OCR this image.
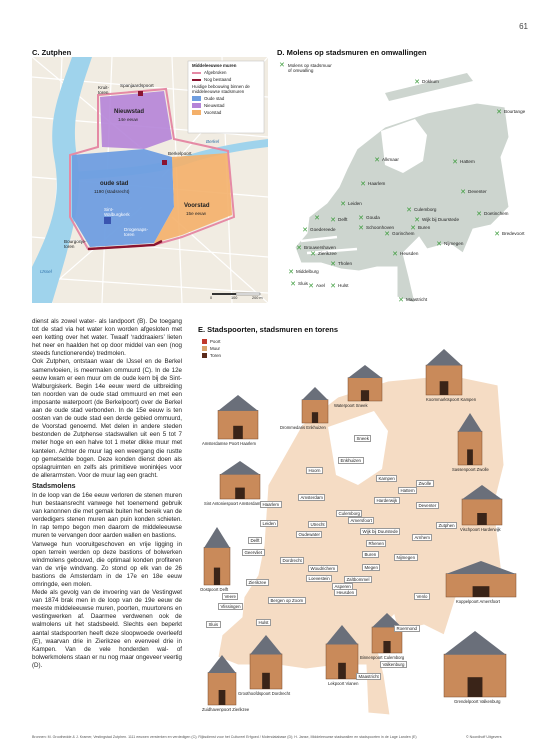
61
C. Zutphen
Nieuwstad
14e eeuw
oude stad
1190 (stadsrecht)
Voorstad
15e eeuw
Spanjaardspoort
Kruit-toren
Berkelpoort
Berkel
IJssel
Sint-Walburgkerk
Drogenaps-toren
Bourgonje-toren
Middeleeuwse muren
Afgebroken
Nog bestaand
Huidige bebouwing binnen de middeleeuwse stadsmuren
Oude stad
Nieuwstad
Voorstad
0	100	200 m
D. Molens op stadsmuren en omwallingen
✕
✕
✕	✕
✕
✕
✕
✕	✕
✕	✕
✕
✕
✕
✕
✕
✕
✕
✕
✕	✕
✕
✕
✕ ✕ ✕
✕
✕
✕ Molens op stadsmuur of omwalling
Dokkum
Bourtange
Alkmaar	Hattem
Haarlem
Deventer
Leiden
Culemborg
Doetinchem
Delft	Wijk bij Duurstede
Gouda
Schoonhoven
Gorinchem
Buren
Bredevoort
Goedereede
Nijmegen
Brouwershaven
Zierikzee	Heusden
Tholen
Middelburg
Sluis Axel	Hulst
Maastricht

dienst als zowel water- als landpoort (B). De toegang tot de stad via het water kon worden afgesloten met een ketting over het water. Twaalf ‘raddraaiers’ lieten het neer en haalden het op door middel van een (nog steeds functionerende) tredmolen.

Ook Zutphen, ontstaan waar de IJssel en de Berkel samenvloeien, is meermalen ommuurd (C). In de 12e eeuw kwam er een muur om de oude kern bij de Sint-Walburgiskerk. Begin 14e eeuw werd de uitbreiding ten noorden van de oude stad ommuurd en met een imposante waterpoort (de Berkelpoort) over de Berkel aan de oude stad verbonden. In de 15e eeuw is ten oosten van de oude stad een derde gebied ommuurd, de Voorstad genoemd. Met delen in andere steden bestonden de Zutphense stadswallen uit een 5 tot 7 meter hoge en een halve tot 1 meter dikke muur met kantelen. Achter de muur lag een weergang die rustte op gemetselde bogen. Deze konden dienst doen als opslagruimten en zelfs als primitieve woninkjes voor de allerarmsten. Voor de muur lag een gracht.

Stadsmolens

In de loop van de 16e eeuw verloren de stenen muren hun bestaansrecht vanwege het toenemend gebruik van kanonnen die met gemak buiten het bereik van de verdedigers stenen muren aan puin konden schieten. In rap tempo begon men daarom de middeleeuwse muren te vervangen door aarden wallen en bastions.

Vanwege hun vooruitgeschoven en vrije ligging in open terrein werden op deze bastions of bolwerken windmolens gebouwd, die optimaal konden profiteren van de vrije windvang. Zo stond op elk van de 26 bastions de Amsterdam in de 17e en 18e eeuw omringde, een molen.

Mede als gevolg van de invoering van de Vestingwet van 1874 brak men in de loop van de 19e eeuw de meeste middeleeuwse muren, poorten, muurtorens en vestingwerken af. Daarmee verdwenen ook de walmolens uit het stadsbeeld. Slechts een beperkt aantal stadspoorten heeft deze sloopwoede overleefd (E), waarvan drie in Zierikzee en evenveel drie in Kampen. Van de vele honderden wal- of bolwerkmolens staan er nu nog maar ongeveer veertig (D).

E. Stadspoorten, stadsmuren en torens
Poort
Muur
Toren
Sneek
Enkhuizen
Hoorn
Kampen
Zwolle
Amsterdam
Haarlem
Hattem
Harderwijk
Deventer
Leiden
Culemborg
Amersfoort
Zutphen
Delft
Utrecht
Wijk bij Duurstede
Arnhem
Oudewater
Rhenen
Geervliet	Buren
Nijmegen
Dordrecht
Woudrichem	Megen
Loevestein
Zierikzee
Zaltbommel
Asperen
Veere
Heusden
Vlissingen
Bergen op Zoom
Sluis	Hulst
Roermond
Venlo
Valkenburg
Maastricht
Waterpoort Sneek
Koornmarktspoort Kampen
Drommedaris Enkhuizen
Amsterdamse Poort Haarlem
Sassenpoort Zwolle
Sint Antoniespoort Amsterdam
Vischpoort Harderwijk
Oostpoort Delft
Koppelpoort Amersfoort
Binnenpoort Culemborg
Lekpoort Vianen
Groothoofdspoort Dordrecht
Zuidhavenpoort Zierikzee
Grendelpoort Valkenburg
Bronnen: M. Groothedde & J. Kramer, Vestingstad Zutphen. 1111 eeuwen versterken en verdedigen (C); Rijksdienst voor het Cultureel Erfgoed / Molendatabase (D); H. Janse, Middeleeuwse stadswallen en stadspoorten in de Lage Landen (E)	© Noordhoff Uitgevers
